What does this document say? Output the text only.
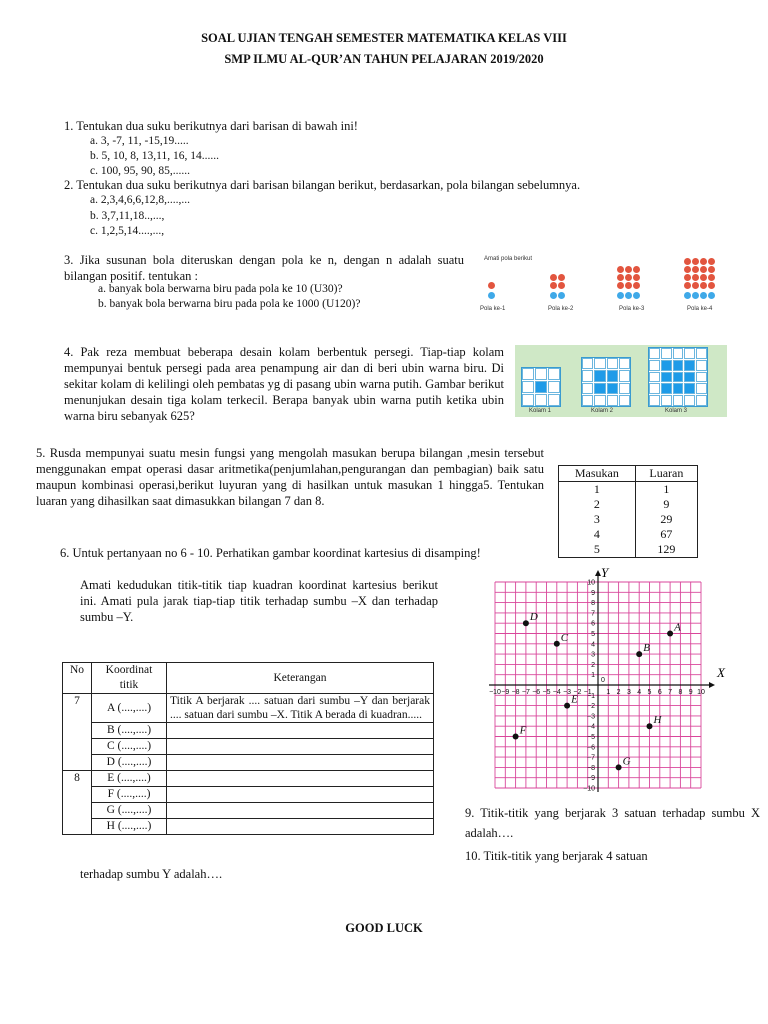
SOAL UJIAN TENGAH SEMESTER MATEMATIKA KELAS VIII
SMP ILMU AL-QUR’AN TAHUN PELAJARAN 2019/2020
1. Tentukan dua suku berikutnya dari barisan di bawah ini!
a. 3, -7, 11, -15,19.....
b. 5, 10, 8, 13,11, 16, 14......
c. 100, 95, 90, 85,......
2. Tentukan dua suku berikutnya dari barisan bilangan berikut, berdasarkan, pola bilangan sebelumnya.
a. 2,3,4,6,6,12,8,....,...
b. 3,7,11,18..,...,
c. 1,2,5,14....,...,
3. Jika susunan bola diteruskan dengan pola ke n, dengan n adalah suatu bilangan positif. tentukan :
a. banyak bola berwarna biru pada pola ke 10 (U30)?
b. banyak bola berwarna biru pada pola ke 1000 (U120)?
Amati pola berikut
Pola ke-1	Pola ke-2	Pola ke-3	Pola ke-4
4. Pak reza membuat beberapa desain kolam berbentuk persegi. Tiap-tiap kolam mempunyai bentuk persegi pada area penampung air dan di beri ubin warna biru. Di sekitar kolam di kelilingi oleh pembatas yg di pasang ubin warna putih. Gambar berikut menunjukan desain tiga kolam terkecil. Berapa banyak ubin warna putih ketika ubin warna biru sebanyak 625?	Kolam 1	Kolam 2	Kolam 3
5. Rusda mempunyai suatu mesin fungsi yang mengolah masukan berupa bilangan ,mesin tersebut menggunakan empat operasi dasar aritmetika(penjumlahan,pengurangan dan pembagian) baik satu maupun kombinasi operasi,berikut luyuran yang di hasilkan untuk masukan 1 hingga5. Tentukan luaran yang dihasilkan saat dimasukkan bilangan 7 dan 8.
Masukan	Luaran
1	1
2	9
3	29
4	67
5	129
6. Untuk pertanyaan no 6 - 10. Perhatikan gambar koordinat kartesius di disamping!
Amati kedudukan titik-titik tiap kuadran koordinat kartesius berikut ini. Amati pula jarak tiap-tiap titik terhadap sumbu –X dan terhadap sumbu –Y.
No	Koordinat titik	Keterangan
7	A (....,....)	Titik A berjarak .... satuan dari sumbu –Y dan berjarak .... satuan dari sumbu –X. Titik A berada di kuadran.....
	B (....,....)	
	C (....,....)	
	D (....,....)	
8	E (....,....)	
	F (....,....)	
	G (....,....)	
	H (....,....)	
−10 −9 −8 −7 −6 −5 −4 −3 −2 −1 1 2 3 4 5 6 7 8 9 10
−10
−9
−8
−7
−6
−5
−4
−3
−2
−1
1
2
3
4
5
6
7
8
9
10
0
A
B
C
D
E
F
G
H
X
Y
9. Titik-titik yang berjarak 3 satuan terhadap sumbu X adalah….
10. Titik-titik yang berjarak 4 satuan
terhadap sumbu Y adalah….
GOOD LUCK
